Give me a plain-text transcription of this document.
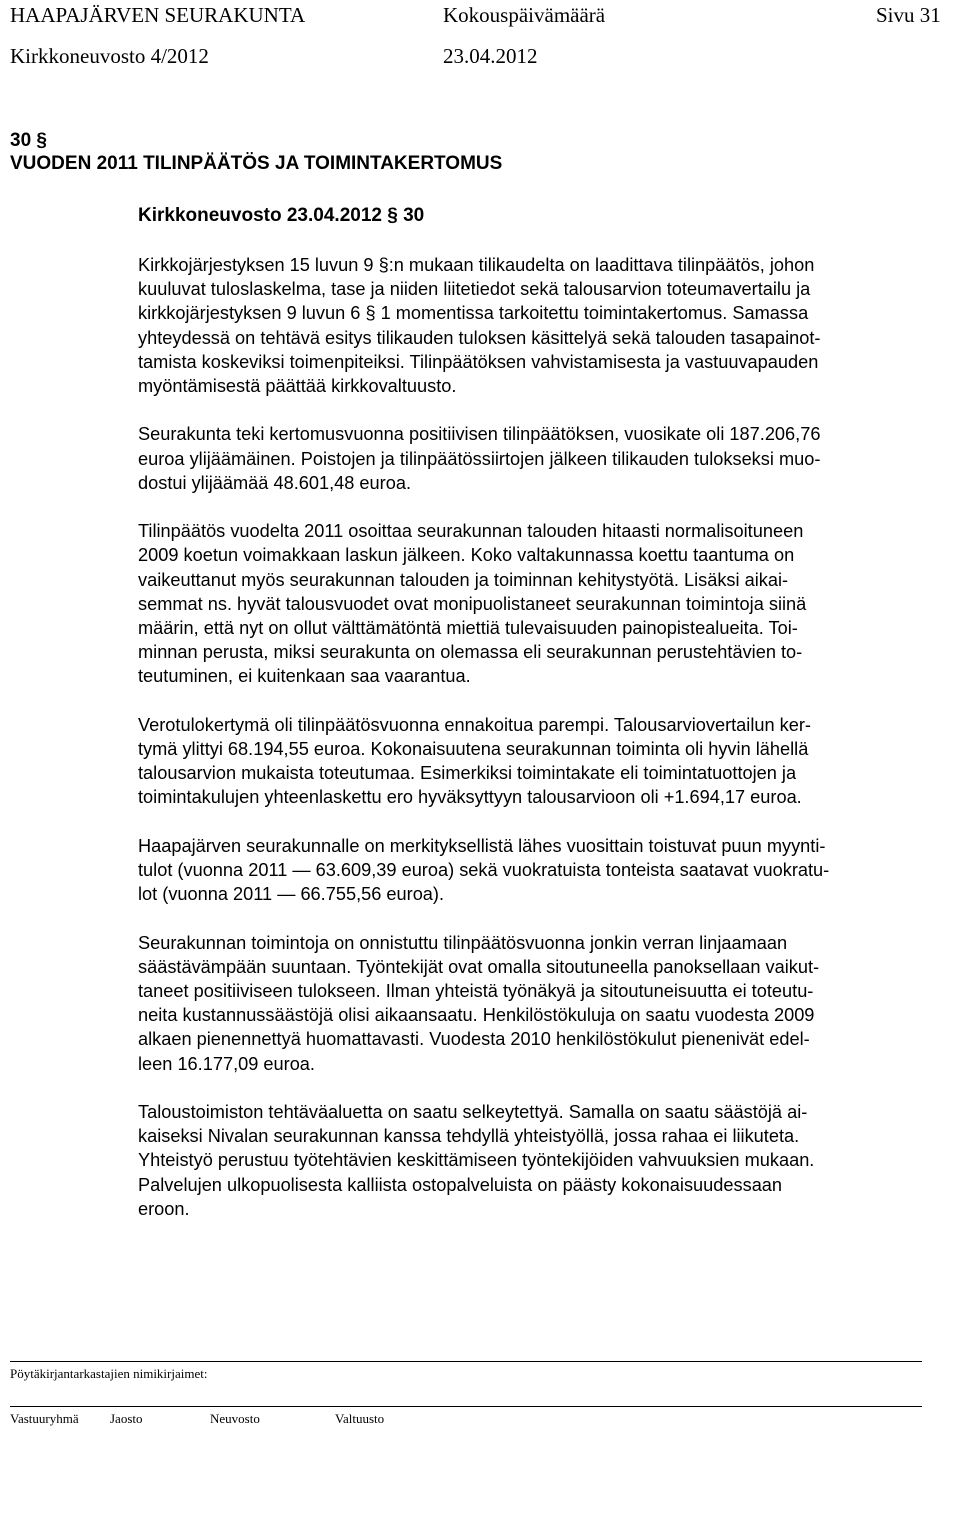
HAAPAJÄRVEN SEURAKUNTA	Kokouspäivämäärä	Sivu 31
Kirkkoneuvosto 4/2012	23.04.2012
30 §
VUODEN 2011 TILINPÄÄTÖS JA TOIMINTAKERTOMUS
Kirkkoneuvosto 23.04.2012 § 30

Kirkkojärjestyksen 15 luvun 9 §:n mukaan tilikaudelta on laadittava tilinpäätös, johon

kuuluvat tuloslaskelma, tase ja niiden liitetiedot sekä talousarvion toteumavertailu ja

kirkkojärjestyksen 9 luvun 6 § 1 momentissa tarkoitettu toimintakertomus. Samassa

yhteydessä on tehtävä esitys tilikauden tuloksen käsittelyä sekä talouden tasapainot-

tamista koskeviksi toimenpiteiksi. Tilinpäätöksen vahvistamisesta ja vastuuvapauden

myöntämisestä päättää kirkkovaltuusto.

Seurakunta teki kertomusvuonna positiivisen tilinpäätöksen, vuosikate oli 187.206,76

euroa ylijäämäinen. Poistojen ja tilinpäätössiirtojen jälkeen tilikauden tulokseksi muo-

dostui ylijäämää 48.601,48 euroa.

Tilinpäätös vuodelta 2011 osoittaa seurakunnan talouden hitaasti normalisoituneen

2009 koetun voimakkaan laskun jälkeen. Koko valtakunnassa koettu taantuma on

vaikeuttanut myös seurakunnan talouden ja toiminnan kehitystyötä. Lisäksi aikai-

semmat ns. hyvät talousvuodet ovat monipuolistaneet seurakunnan toimintoja siinä

määrin, että nyt on ollut välttämätöntä miettiä tulevaisuuden painopistealueita. Toi-

minnan perusta, miksi seurakunta on olemassa eli seurakunnan perustehtävien to-

teutuminen, ei kuitenkaan saa vaarantua.

Verotulokertymä oli tilinpäätösvuonna ennakoitua parempi. Talousarviovertailun ker-

tymä ylittyi 68.194,55 euroa. Kokonaisuutena seurakunnan toiminta oli hyvin lähellä

talousarvion mukaista toteutumaa. Esimerkiksi toimintakate eli toimintatuottojen ja

toimintakulujen yhteenlaskettu ero hyväksyttyyn talousarvioon oli +1.694,17 euroa.

Haapajärven seurakunnalle on merkityksellistä lähes vuosittain toistuvat puun myynti-

tulot (vuonna 2011 — 63.609,39 euroa) sekä vuokratuista tonteista saatavat vuokratu-

lot (vuonna 2011 — 66.755,56 euroa).

Seurakunnan toimintoja on onnistuttu tilinpäätösvuonna jonkin verran linjaamaan

säästävämpään suuntaan. Työntekijät ovat omalla sitoutuneella panoksellaan vaikut-

taneet positiiviseen tulokseen. Ilman yhteistä työnäkyä ja sitoutuneisuutta ei toteutu-

neita kustannussäästöjä olisi aikaansaatu. Henkilöstökuluja on saatu vuodesta 2009

alkaen pienennettyä huomattavasti. Vuodesta 2010 henkilöstökulut pienenivät edel-

leen 16.177,09 euroa.

Taloustoimiston tehtäväaluetta on saatu selkeytettyä. Samalla on saatu säästöjä ai-

kaiseksi Nivalan seurakunnan kanssa tehdyllä yhteistyöllä, jossa rahaa ei liikuteta.

Yhteistyö perustuu työtehtävien keskittämiseen työntekijöiden vahvuuksien mukaan.

Palvelujen ulkopuolisesta kalliista ostopalveluista on päästy kokonaisuudessaan

eroon.

Pöytäkirjantarkastajien nimikirjaimet:
Vastuuryhmä Jaosto	Neuvosto	Valtuusto
